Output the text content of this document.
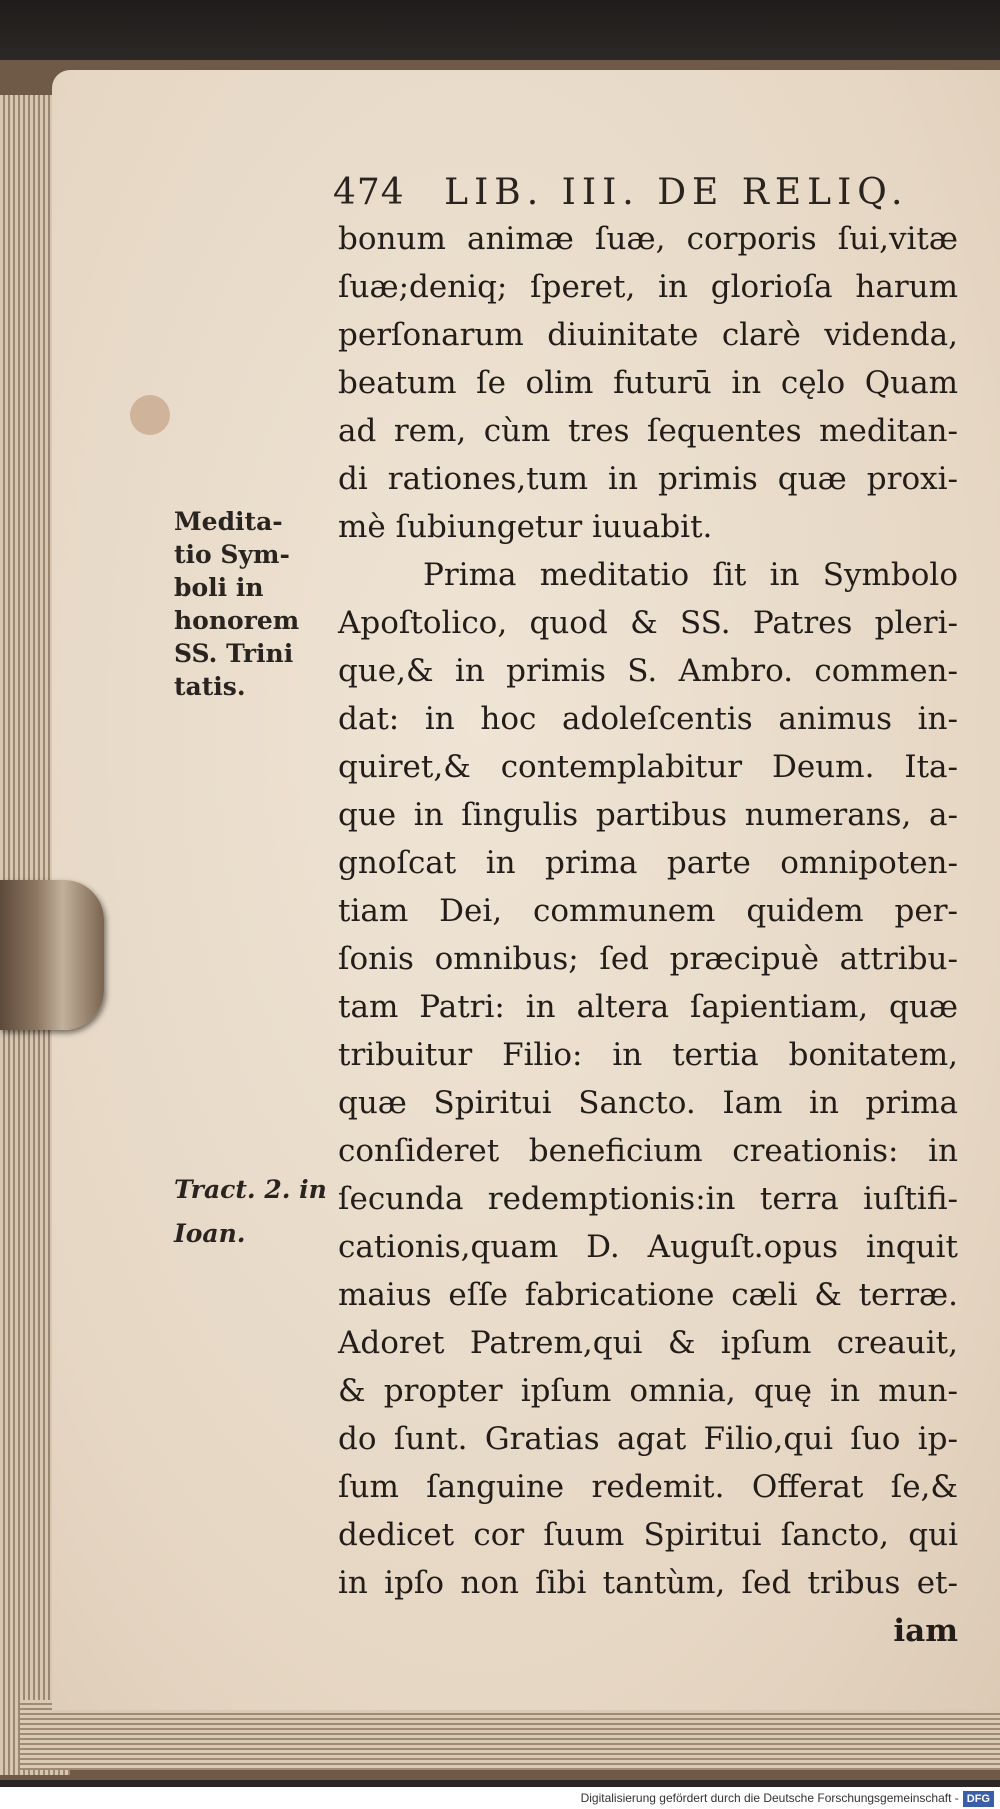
474 LIB. III. DE RELIQ.
bonum animæ ſuæ, corporis ſui,vitæ
ſuæ;deniq; ſperet, in glorioſa harum
perſonarum diuinitate clarè videnda,
beatum ſe olim futurū in cęlo Quam
ad rem, cùm tres ſequentes meditan-
di rationes,tum in primis quæ proxi-
mè ſubiungetur iuuabit.
Prima meditatio ſit in Symbolo
Apoſtolico, quod & SS. Patres pleri-
que,& in primis S. Ambro. commen-
dat: in hoc adoleſcentis animus in-
quiret,& contemplabitur Deum. Ita-
que in ſingulis partibus numerans, a-
gnoſcat in prima parte omnipoten-
tiam Dei, communem quidem per-
ſonis omnibus; ſed præcipuè attribu-
tam Patri: in altera ſapientiam, quæ
tribuitur Filio: in tertia bonitatem,
quæ Spiritui Sancto. Iam in prima
conſideret beneficium creationis: in
ſecunda redemptionis:in terra iuſtifi-
cationis,quam D. Auguſt.opus inquit
maius eſſe fabricatione cæli & terræ.
Adoret Patrem,qui & ipſum creauit,
& propter ipſum omnia, quę in mun-
do ſunt. Gratias agat Filio,qui ſuo ip-
ſum ſanguine redemit. Offerat ſe,&
dedicet cor ſuum Spiritui ſancto, qui
in ipſo non ſibi tantùm, ſed tribus et-
iam
Medita-
tio Sym-
boli in
honorem
SS. Trini
tatis.
Tract. 2. in
Ioan.
Digitalisierung gefördert durch die Deutsche Forschungsgemeinschaft - DFG
